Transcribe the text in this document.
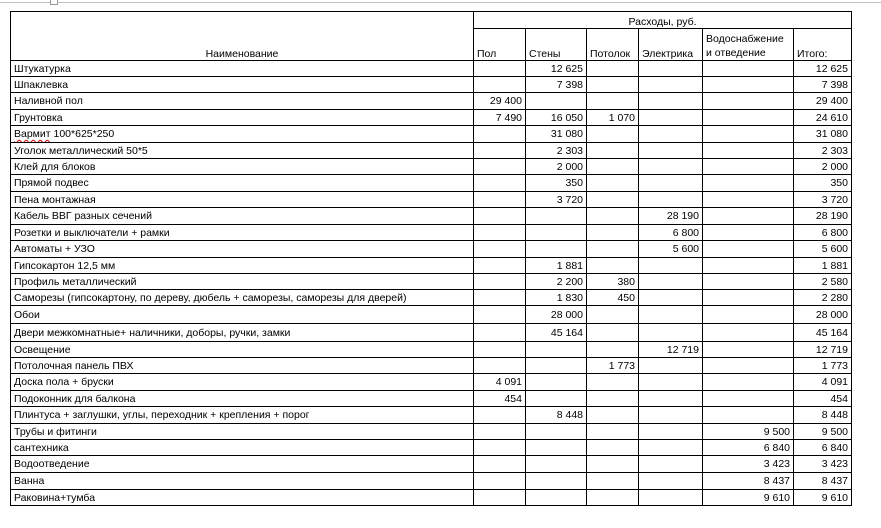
Наименование	Расходы, руб.					
	Пол	Стены	Потолок	Электрика	Водоснабжение и отведение	Итого:
Штукатурка		12 625				12 625
Шпаклевка		7 398				7 398
Наливной пол	29 400					29 400
Грунтовка	7 490	16 050	1 070			24 610
Вармит 100*625*250		31 080				31 080
Уголок металлический 50*5		2 303				2 303
Клей для блоков		2 000				2 000
Прямой подвес		350				350
Пена монтажная		3 720				3 720
Кабель ВВГ разных сечений				28 190		28 190
Розетки и выключатели + рамки				6 800		6 800
Автоматы + УЗО				5 600		5 600
Гипсокартон 12,5 мм		1 881				1 881
Профиль металлический		2 200	380			2 580
Саморезы (гипсокартону, по дереву, дюбель + саморезы, саморезы для дверей)		1 830	450			2 280
Обои		28 000				28 000
Двери межкомнатные+ наличники, доборы, ручки, замки		45 164				45 164
Освещение				12 719		12 719
Потолочная панель ПВХ			1 773			1 773
Доска пола + бруски	4 091					4 091
Подоконник для балкона	454					454
Плинтуса + заглушки, углы, переходник + крепления + порог		8 448				8 448
Трубы и фитинги					9 500	9 500
сантехника					6 840	6 840
Водоотведение					3 423	3 423
Ванна					8 437	8 437
Раковина+тумба					9 610	9 610
